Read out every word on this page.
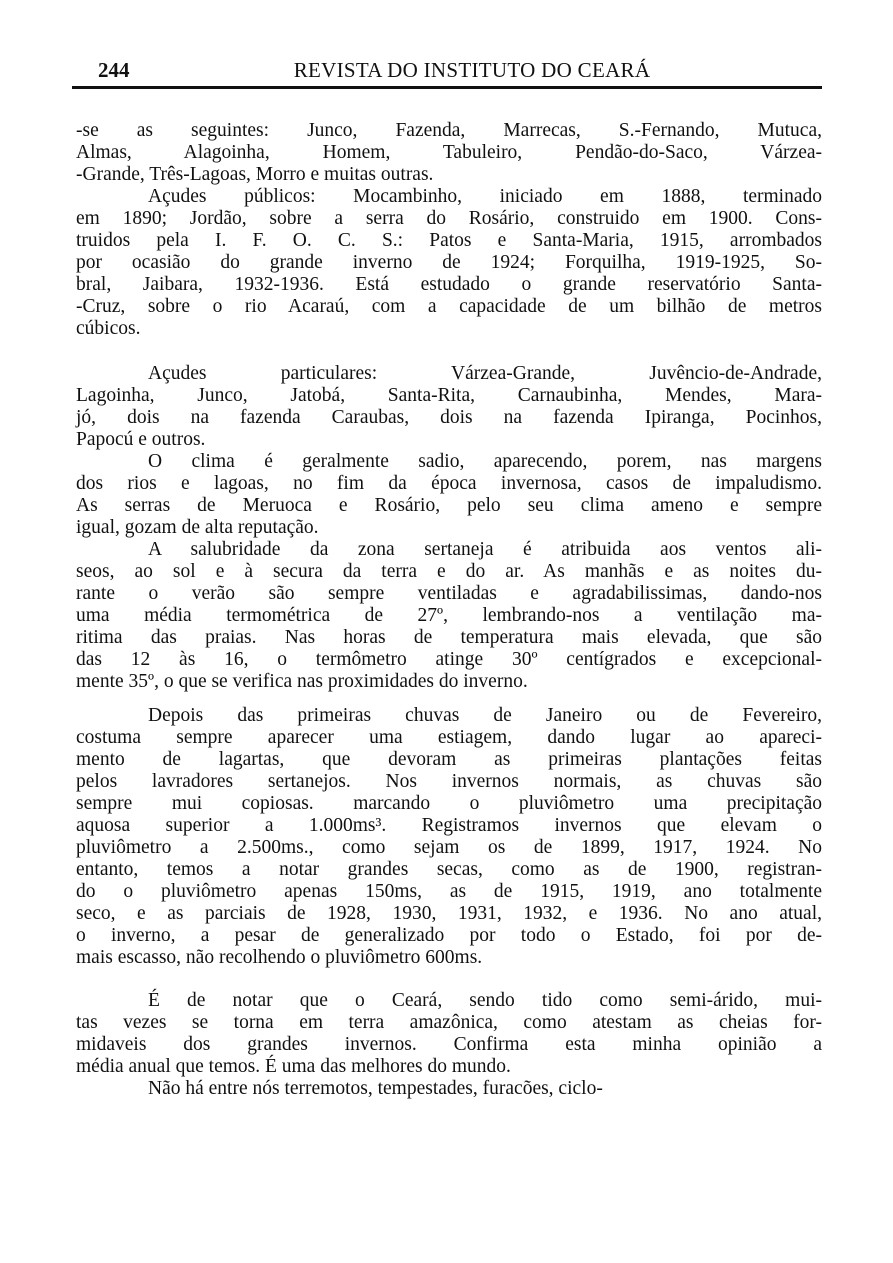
244	REVISTA DO INSTITUTO DO CEARÁ
-se as seguintes: Junco, Fazenda, Marrecas, S.-Fernando, Mutuca,
Almas, Alagoinha, Homem, Tabuleiro, Pendão-do-Saco, Várzea-
-Grande, Três-Lagoas, Morro e muitas outras.
Açudes públicos: Mocambinho, iniciado em 1888, terminado
em 1890; Jordão, sobre a serra do Rosário, construido em 1900. Cons-
truidos pela I. F. O. C. S.: Patos e Santa-Maria, 1915, arrombados
por ocasião do grande inverno de 1924; Forquilha, 1919-1925, So-
bral, Jaibara, 1932-1936. Está estudado o grande reservatório Santa-
-Cruz, sobre o rio Acaraú, com a capacidade de um bilhão de metros
cúbicos.
Açudes particulares: Várzea-Grande, Juvêncio-de-Andrade,
Lagoinha, Junco, Jatobá, Santa-Rita, Carnaubinha, Mendes, Mara-
jó, dois na fazenda Caraubas, dois na fazenda Ipiranga, Pocinhos,
Papocú e outros.
O clima é geralmente sadio, aparecendo, porem, nas margens
dos rios e lagoas, no fim da época invernosa, casos de impaludismo.
As serras de Meruoca e Rosário, pelo seu clima ameno e sempre
igual, gozam de alta reputação.
A salubridade da zona sertaneja é atribuida aos ventos ali-
seos, ao sol e à secura da terra e do ar. As manhãs e as noites du-
rante o verão são sempre ventiladas e agradabilissimas, dando-nos
uma média termométrica de 27º, lembrando-nos a ventilação ma-
ritima das praias. Nas horas de temperatura mais elevada, que são
das 12 às 16, o termômetro atinge 30º centígrados e excepcional-
mente 35º, o que se verifica nas proximidades do inverno.
Depois das primeiras chuvas de Janeiro ou de Fevereiro,
costuma sempre aparecer uma estiagem, dando lugar ao apareci-
mento de lagartas, que devoram as primeiras plantações feitas
pelos lavradores sertanejos. Nos invernos normais, as chuvas são
sempre mui copiosas. marcando o pluviômetro uma precipitação
aquosa superior a 1.000ms³. Registramos invernos que elevam o
pluviômetro a 2.500ms., como sejam os de 1899, 1917, 1924. No
entanto, temos a notar grandes secas, como as de 1900, registran-
do o pluviômetro apenas 150ms, as de 1915, 1919, ano totalmente
seco, e as parciais de 1928, 1930, 1931, 1932, e 1936. No ano atual,
o inverno, a pesar de generalizado por todo o Estado, foi por de-
mais escasso, não recolhendo o pluviômetro 600ms.
É de notar que o Ceará, sendo tido como semi-árido, mui-
tas vezes se torna em terra amazônica, como atestam as cheias for-
midaveis dos grandes invernos. Confirma esta minha opinião a
média anual que temos. É uma das melhores do mundo.
Não há entre nós terremotos, tempestades, furacões, ciclo-
